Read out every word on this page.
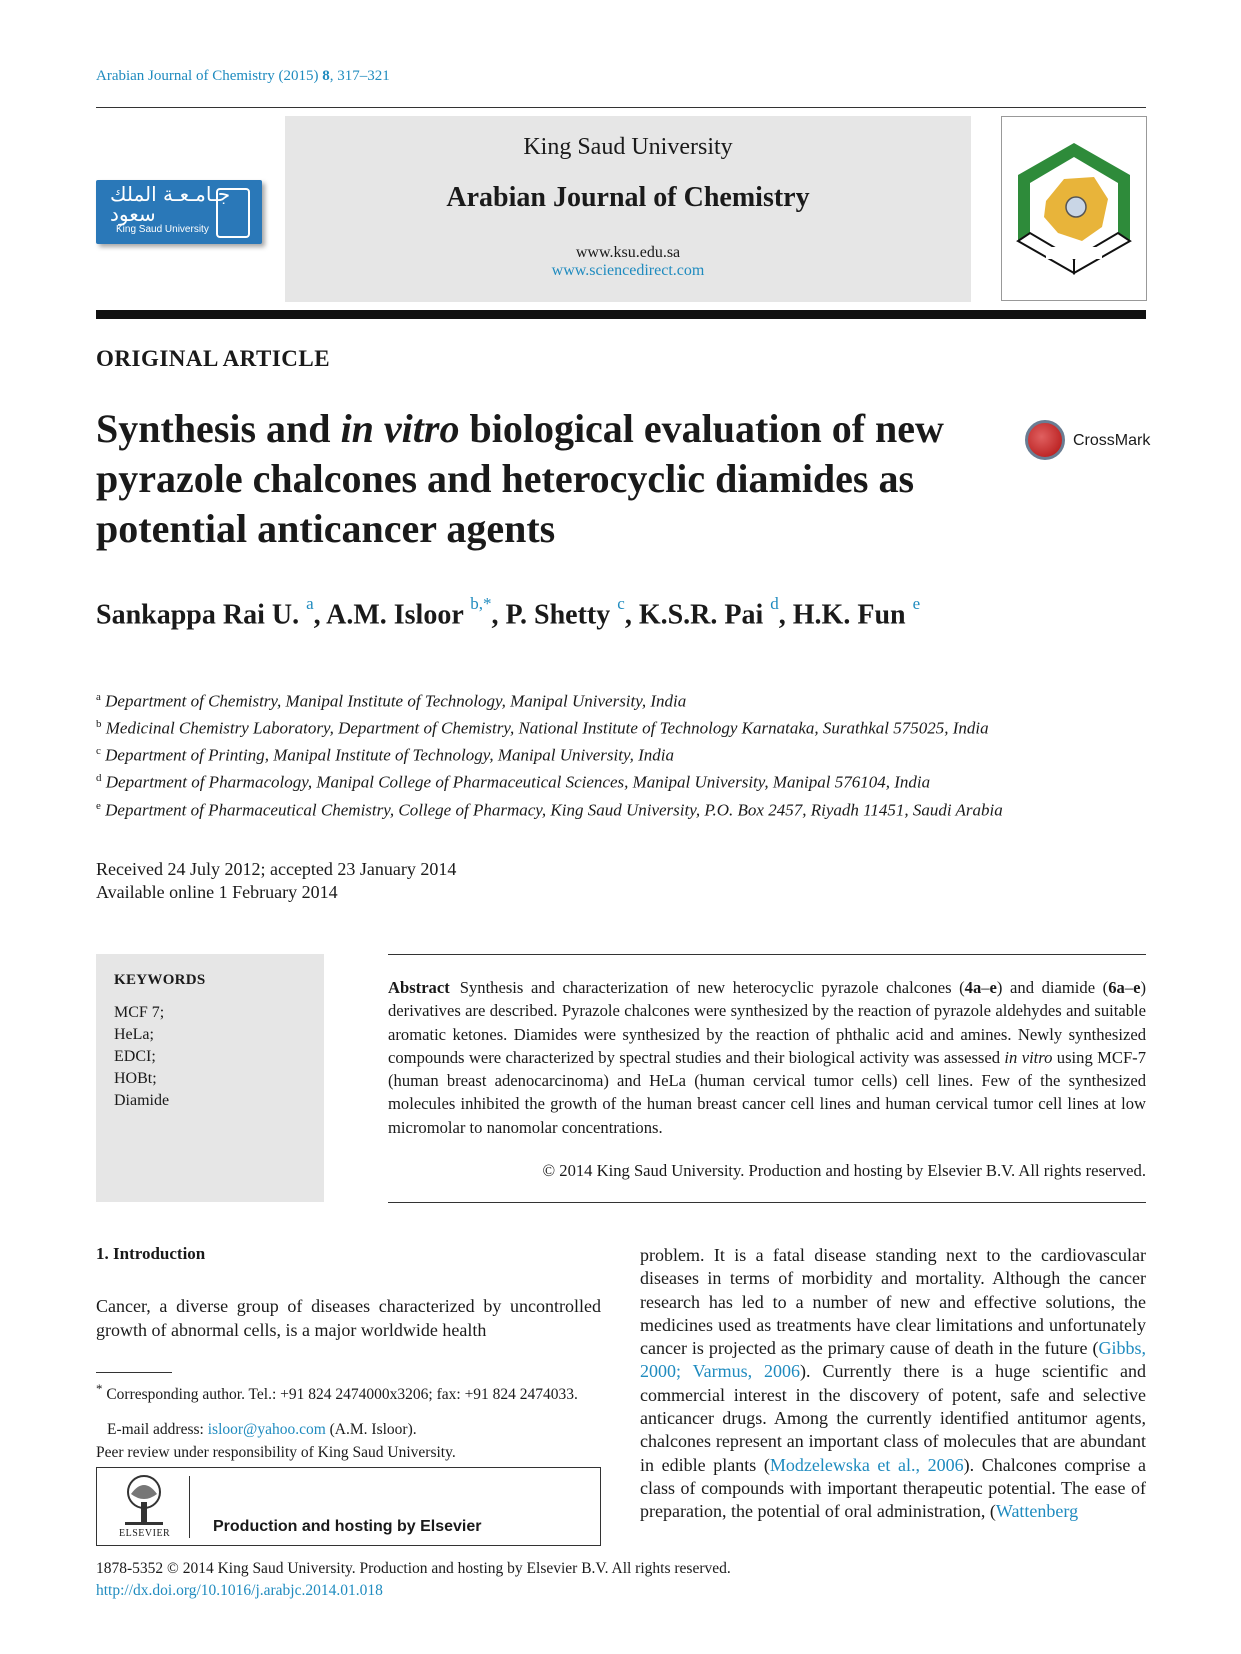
Arabian Journal of Chemistry (2015) 8, 317–321
جـامـعـة الملك سعود
King Saud University
King Saud University
Arabian Journal of Chemistry
www.ksu.edu.sa
www.sciencedirect.com
ORIGINAL ARTICLE
Synthesis and in vitro biological evaluation of new pyrazole chalcones and heterocyclic diamides as potential anticancer agents
CrossMark
Sankappa Rai U. $^a$, A.M. Isloor $^{b,*}$, P. Shetty $^c$, K.S.R. Pai $^d$, H.K. Fun $^e$
$^a$ Department of Chemistry, Manipal Institute of Technology, Manipal University, India
$^b$ Medicinal Chemistry Laboratory, Department of Chemistry, National Institute of Technology Karnataka, Surathkal 575025, India
$^c$ Department of Printing, Manipal Institute of Technology, Manipal University, India
$^d$ Department of Pharmacology, Manipal College of Pharmaceutical Sciences, Manipal University, Manipal 576104, India
$^e$ Department of Pharmaceutical Chemistry, College of Pharmacy, King Saud University, P.O. Box 2457, Riyadh 11451, Saudi Arabia
Received 24 July 2012; accepted 23 January 2014
Available online 1 February 2014
KEYWORDS
MCF 7;
HeLa;
EDCI;
HOBt;
Diamide
Abstract Synthesis and characterization of new heterocyclic pyrazole chalcones (4a–e) and diamide (6a–e) derivatives are described. Pyrazole chalcones were synthesized by the reaction of pyrazole aldehydes and suitable aromatic ketones. Diamides were synthesized by the reaction of phthalic acid and amines. Newly synthesized compounds were characterized by spectral studies and their biological activity was assessed in vitro using MCF-7 (human breast adenocarcinoma) and HeLa (human cervical tumor cells) cell lines. Few of the synthesized molecules inhibited the growth of the human breast cancer cell lines and human cervical tumor cell lines at low micromolar to nanomolar concentrations.
© 2014 King Saud University. Production and hosting by Elsevier B.V. All rights reserved.
1. Introduction
Cancer, a diverse group of diseases characterized by uncontrolled growth of abnormal cells, is a major worldwide health
* Corresponding author. Tel.: +91 824 2474000x3206; fax: +91 824 2474033.
E-mail address: isloor@yahoo.com (A.M. Isloor).
Peer review under responsibility of King Saud University.
ELSEVIER	Production and hosting by Elsevier
problem. It is a fatal disease standing next to the cardiovascular diseases in terms of morbidity and mortality. Although the cancer research has led to a number of new and effective solutions, the medicines used as treatments have clear limitations and unfortunately cancer is projected as the primary cause of death in the future (Gibbs, 2000; Varmus, 2006). Currently there is a huge scientific and commercial interest in the discovery of potent, safe and selective anticancer drugs. Among the currently identified antitumor agents, chalcones represent an important class of molecules that are abundant in edible plants (Modzelewska et al., 2006). Chalcones comprise a class of compounds with important therapeutic potential. The ease of preparation, the potential of oral administration, (Wattenberg
1878-5352 © 2014 King Saud University. Production and hosting by Elsevier B.V. All rights reserved.
http://dx.doi.org/10.1016/j.arabjc.2014.01.018
